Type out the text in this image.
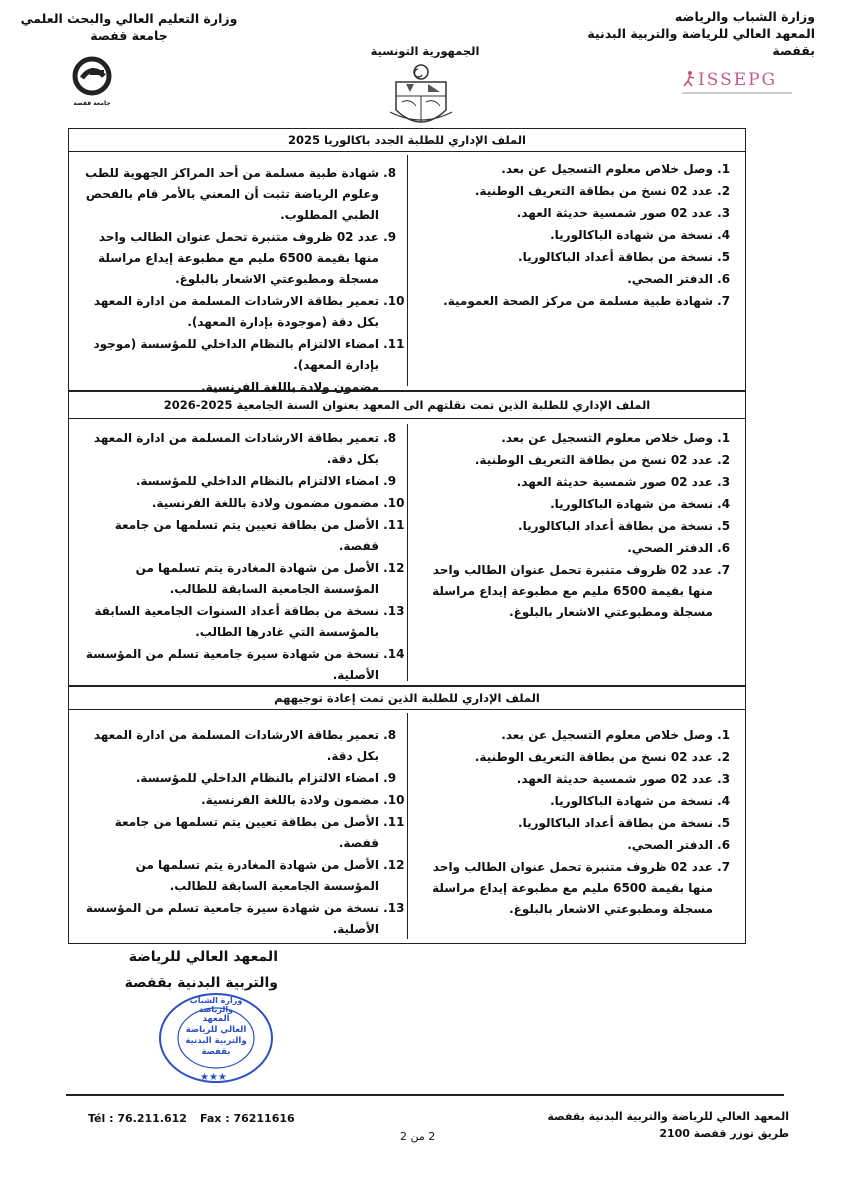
وزارة الشباب والرياضه
المعهد العالي للرياضة والتربية البدنية
بقفصة
وزارة التعليم العالي والبحث العلمي
جامعة قفصة
الجمهورية التونسية
جامعة قفصة
ISSEPG
الملف الإداري للطلبة الجدد باكالوريا 2025
1. وصل خلاص معلوم التسجيل عن بعد.
2. عدد 02 نسخ من بطاقة التعريف الوطنية.
3. عدد 02 صور شمسية حديثة العهد.
4. نسخة من شهادة الباكالوريا.
5. نسخة من بطاقة أعداد الباكالوريا.
6. الدفتر الصحي.
7. شهادة طبية مسلمة من مركز الصحة العمومية.
8. شهادة طبية مسلمة من أحد المراكز الجهوية للطب وعلوم الرياضة تثبت أن المعني بالأمر قام بالفحص الطبي المطلوب.
9. عدد 02 ظروف متنبرة تحمل عنوان الطالب واحد منها بقيمة 6500 مليم مع مطبوعة إيداع مراسلة مسجلة ومطبوعتي الاشعار بالبلوغ.
10. تعمير بطاقة الارشادات المسلمة من ادارة المعهد بكل دقة (موجودة بإدارة المعهد).
11. امضاء الالتزام بالنظام الداخلي للمؤسسة (موجود بإدارة المعهد).
مضمون ولادة باللغة الفرنسية.
الملف الإداري للطلبة الذين تمت نقلتهم الى المعهد بعنوان السنة الجامعية 2025-2026
1. وصل خلاص معلوم التسجيل عن بعد.
2. عدد 02 نسخ من بطاقة التعريف الوطنية.
3. عدد 02 صور شمسية حديثة العهد.
4. نسخة من شهادة الباكالوريا.
5. نسخة من بطاقة أعداد الباكالوريا.
6. الدفتر الصحي.
7. عدد 02 ظروف متنبرة تحمل عنوان الطالب واحد منها بقيمة 6500 مليم مع مطبوعة إيداع مراسلة مسجلة ومطبوعتي الاشعار بالبلوغ.
8. تعمير بطاقة الارشادات المسلمة من ادارة المعهد بكل دقة.
9. امضاء الالتزام بالنظام الداخلي للمؤسسة.
10. مضمون مضمون ولادة باللغة الفرنسية.
11. الأصل من بطاقة تعيين يتم تسلمها من جامعة قفصة.
12. الأصل من شهادة المغادرة يتم تسلمها من المؤسسة الجامعية السابقة للطالب.
13. نسخة من بطاقة أعداد السنوات الجامعية السابقة بالمؤسسة التي غادرها الطالب.
14. نسخة من شهادة سيرة جامعية تسلم من المؤسسة الأصلية.
الملف الإداري للطلبة الذين تمت إعادة توجيههم
1. وصل خلاص معلوم التسجيل عن بعد.
2. عدد 02 نسخ من بطاقة التعريف الوطنية.
3. عدد 02 صور شمسية حديثة العهد.
4. نسخة من شهادة الباكالوريا.
5. نسخة من بطاقة أعداد الباكالوريا.
6. الدفتر الصحي.
7. عدد 02 ظروف متنبرة تحمل عنوان الطالب واحد منها بقيمة 6500 مليم مع مطبوعة إيداع مراسلة مسجلة ومطبوعتي الاشعار بالبلوغ.
8. تعمير بطاقة الارشادات المسلمة من ادارة المعهد بكل دقة.
9. امضاء الالتزام بالنظام الداخلي للمؤسسة.
10. مضمون ولادة باللغة الفرنسية.
11. الأصل من بطاقة تعيين يتم تسلمها من جامعة قفصة.
12. الأصل من شهادة المغادرة يتم تسلمها من المؤسسة الجامعية السابقة للطالب.
13. نسخة من شهادة سيرة جامعية تسلم من المؤسسة الأصلية.
المعهد العالي للرياضة
والتربية البدنية بقفصة
★★★
وزارة الشباب والرياضة
المعهد
العالي للرياضة
والتربية البدنية
بقفصة
Tél : 76.211.612 Fax : 76211616
2 من 2
المعهد العالي للرياضة والتربية البدنية بقفصة
طريق توزر قفصة 2100
